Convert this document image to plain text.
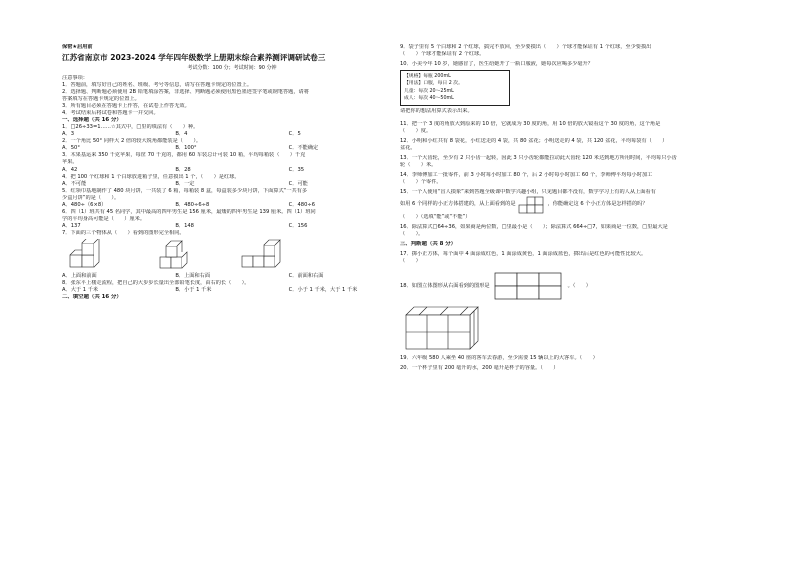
保密★启用前
江苏省南京市 2023-2024 学年四年级数学上册期末综合素养测评调研试卷三
考试分数：100 分；考试时间：90 分钟
注意事项：
1．答题前，填写好自己的姓名、班级、考号等信息，请写在答题卡规定的位置上。
2．选择题、判断题必须使用 2B 铅笔填涂答案，非选择、判断题必须使用黑色墨迹签字笔或钢笔答题，请将
答案填写在答题卡规定的位置上。
3．所有题目必须在答题卡上作答，在试卷上作答无效。
4．考试结束后将试卷和答题卡一并交回。
一、选择题（共 16 分）
1．□26÷33=1……☆其式中，□里的填法有（　　）种。
A．3	B．4	C．5
2．一个角比 50° 同样大 2 倍的较大锐角都能装是（　　）。
A．50°	B．100°	C．不能确定
3．木果基运来 350 千克苹果，每筐 70 千克的，都用 60 车装总计可装 10 箱，平均每箱装（　　）千克
苹果。
A．42	B．28	C．35
4．把 100 个红球和 1 个白球放进箱子里，任意摸出 1 个，（　　）是红球。
A．不可能	B．一定	C．可能
5．红领巾基地制作了 480 块月饼，一共装了 6 箱，每箱装 8 盒，每盒装多少块月饼，下面算式“一共有多
少盒月饼”的是（　　）。
A．480÷（6×8）	B．480÷6÷8	C．480÷6
6．四（1）班共有 45 名同学，其中最高的四年男生是 156 厘米，最矮的四年男生是 139 厘米。四（1）班同
学的平均身高可能是（　　）厘米。
A．137	B．148	C．156
7．下面的三个物体从（　　）看到的图形完全相同。
A．上面和前面	B．上面和右面	C．前面和右面
8．张东平上楼走流程，把自己的大步步长量出全部铅笔长度，由右的长（　　）。
A．大于 1 千米	B．小于 1 千米	C．小于 1 千米，大于 1 千米
二、填空题（共 16 分）
9．袋子里有 5 个白球和 2 个红球，搞完不放回，至少要摸出（　　）个球才能保证有 1 个红球，至少要摸出
（　　）个球才能保证有 2 个红球。
10．小美今年 10 岁，她感冒了，医生给她开了一瓶口服液，她每次应喝多少毫升？
【规格】每瓶 200mL
【用法】口服，每日 2 次。
儿童：每次 20～25mL
成人：每次 40～50mL
请把你的想法用算式表示出来。
11．把一个 3 度的角放大到原来的 10 倍，它就成为 30 度的角，用 10 倍的放大镜看这个 30 度的角，这个角是
（　　）度。
12．小明和小红共有 8 袋花，小红送走的 4 袋，共 80 盆花；小明送走的 4 袋，共 120 盆花，平均每袋有（　　）
盆花。
13．一个大齿轮，至少有 2 只小齿一起转，因此 3 只小齿轮都能拉动此大齿轮 120 米达到地方所用时间，平均每只小齿
轮（　　）米。
14．李师傅加工一批零件，前 3 小时每小时加工 80 个，后 2 小时每小时加工 60 个，李师傅平均每小时加工
（　　）个零件。
15．一个人使用“盲人摸象”来到答题全级课中数学兴趣小组，只见题目都不没有，数学学习上有的人从上面看有
如用 6 个同样的小正方体搭建的，从上面看到的是	，你能确定这 6 个小正方体是怎样搭的吗？
（　　）（选填“能”或“不能”）
16．除法算式□64÷36，如果商是两位数，□里最小是（　　）；除法算式 664÷□7，如果商是一位数，□里最大是
（　　）。
三、判断题（共 8 分）
17．掷小正方体，每个面中 4 面涂成红色，1 面涂成黄色，1 面涂成蓝色，掷出后是红色的可能性比较大。
（　　）
18．如图立体图形从右面看到的图形是	。（　　）
19．六年级 580 人乘坐 40 座的客车去春游，至少需要 15 辆以上的大客车。（　　）
20．一个杯子里有 200 毫升的水，200 毫升是杯子的容量。（　　）
